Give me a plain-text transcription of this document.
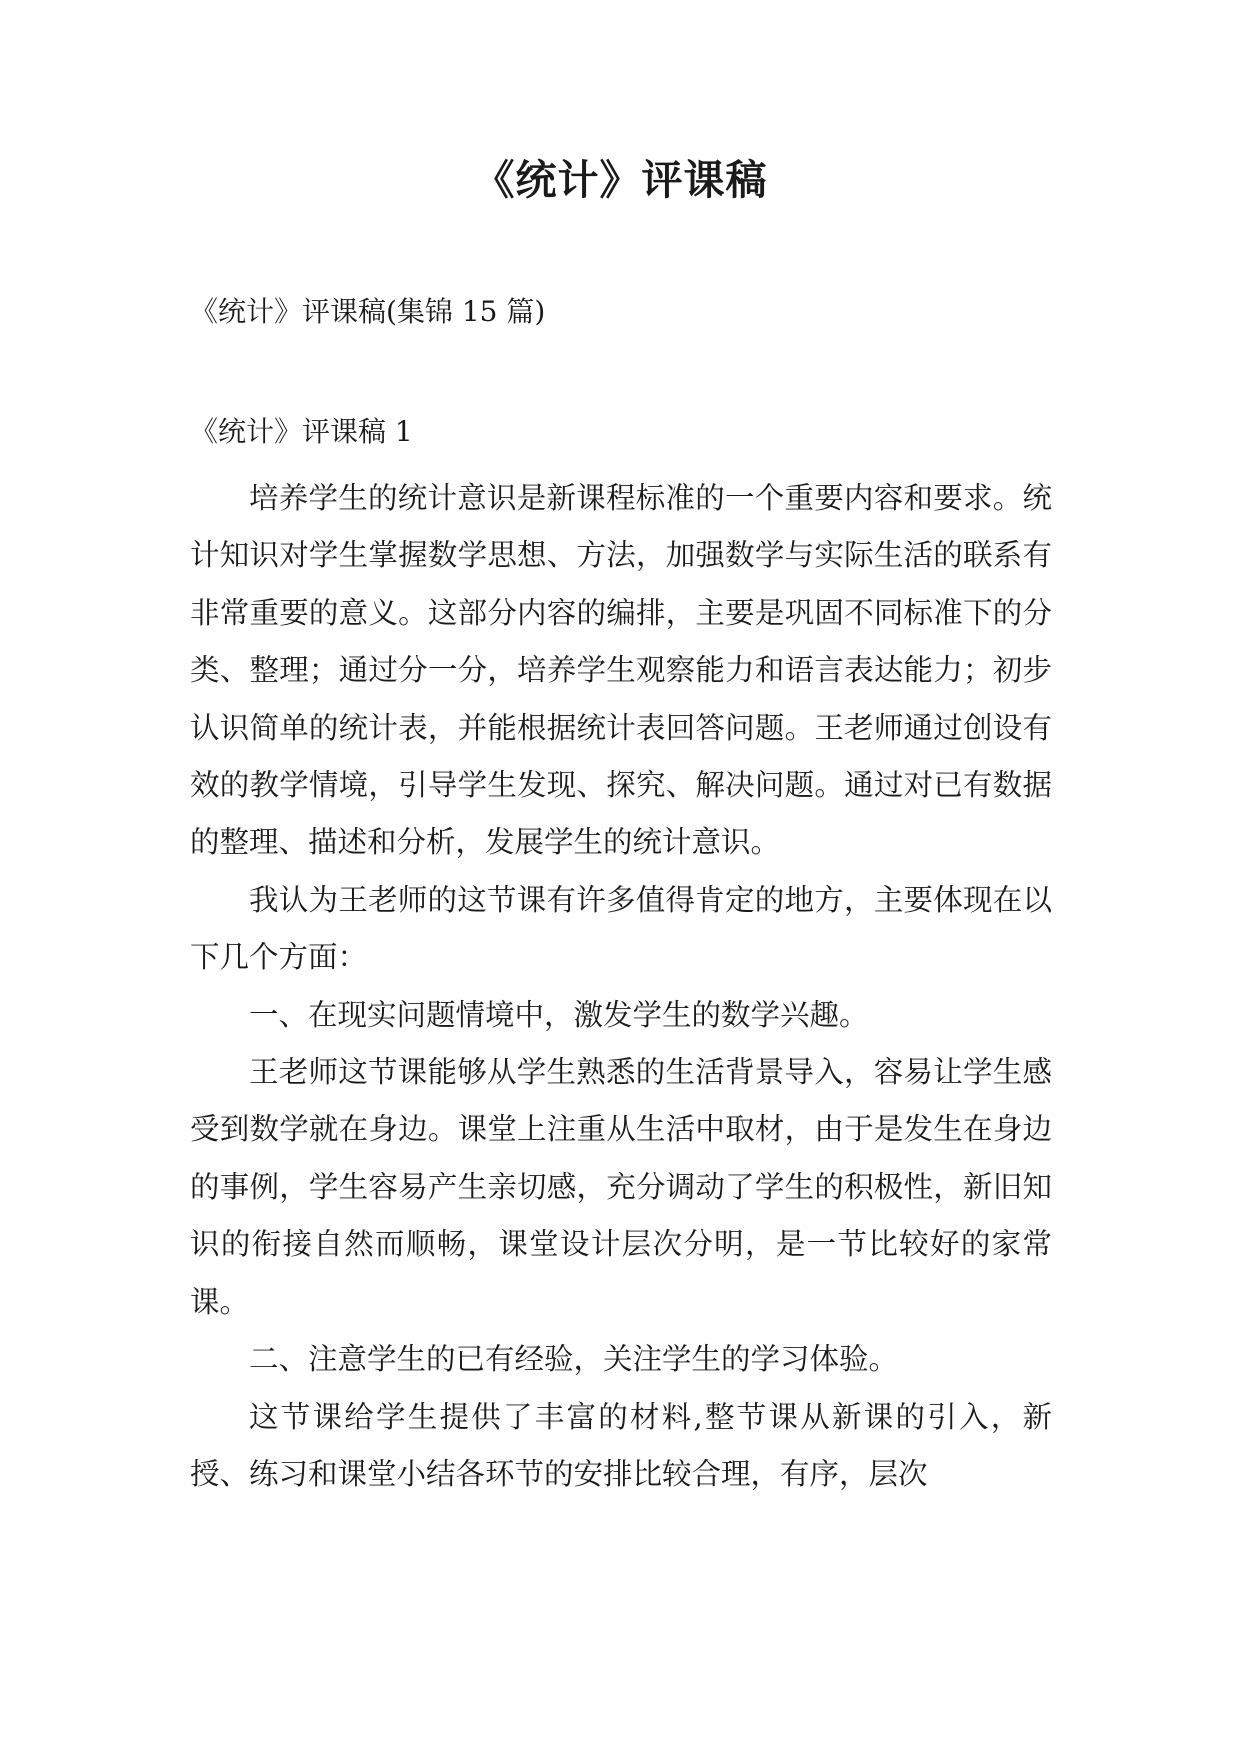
《统计》评课稿
《统计》评课稿(集锦 15 篇)
《统计》评课稿 1

培养学生的统计意识是新课程标准的一个重要内容和要求。统计知识对学生掌握数学思想、方法，加强数学与实际生活的联系有非常重要的意义。这部分内容的编排，主要是巩固不同标准下的分类、整理；通过分一分，培养学生观察能力和语言表达能力；初步认识简单的统计表，并能根据统计表回答问题。王老师通过创设有效的教学情境，引导学生发现、探究、解决问题。通过对已有数据的整理、描述和分析，发展学生的统计意识。

我认为王老师的这节课有许多值得肯定的地方，主要体现在以下几个方面：

一、在现实问题情境中，激发学生的数学兴趣。

王老师这节课能够从学生熟悉的生活背景导入，容易让学生感受到数学就在身边。课堂上注重从生活中取材，由于是发生在身边的事例，学生容易产生亲切感，充分调动了学生的积极性，新旧知识的衔接自然而顺畅，课堂设计层次分明，是一节比较好的家常课。

二、注意学生的已有经验，关注学生的学习体验。

这节课给学生提供了丰富的材料,整节课从新课的引入，新授、练习和课堂小结各环节的安排比较合理，有序，层次
